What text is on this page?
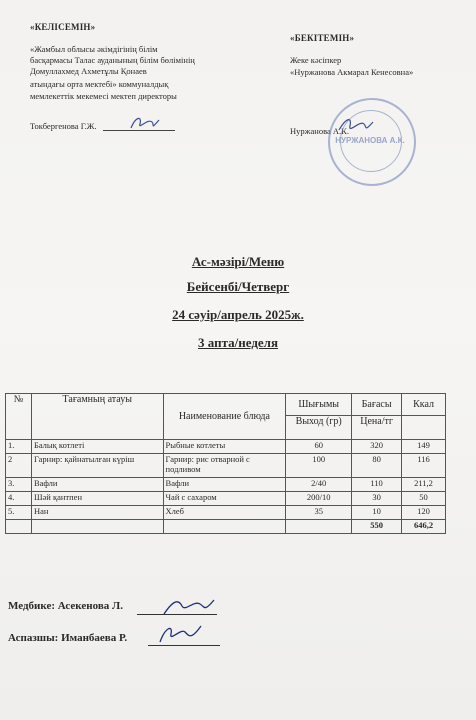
«КЕЛІСЕМІН»
«Жамбыл облысы әкімдігінің білім
басқармасы Талас ауданының білім бөлімінің
Домуллахмед Ахметұлы Қонаев
атындағы орта мектебі» коммуналдық
мемлекеттік мекемесі мектеп директоры
Токбергенова Г.Ж.
«БЕКІТЕМІН»
Жеке кәсіпкер
«Нуржанова Акмарал Кенесовна»
Нуржанова А.К.
НУРЖАНОВА А.К.
Ас-мәзірі/Меню
Бейсенбі/Четверг
24 сәуір/апрель 2025ж.
3 апта/неделя
№	Тағамның атауы	Наименование блюда	Шығымы	Бағасы	Ккал
			Выход (гр)	Цена/тг	
1.	Балық котлеті	Рыбные котлеты	60	320	149
2	Гарнир: қайнатылған күріш	Гарнир: рис отварной с подливом	100	80	116
3.	Вафли	Вафли	2/40	110	211,2
4.	Шәй қантпен	Чай с сахаром	200/10	30	50
5.	Нан	Хлеб	35	10	120
				550	646,2
Медбике: Асекенова Л.
Аспазшы: Иманбаева Р.
